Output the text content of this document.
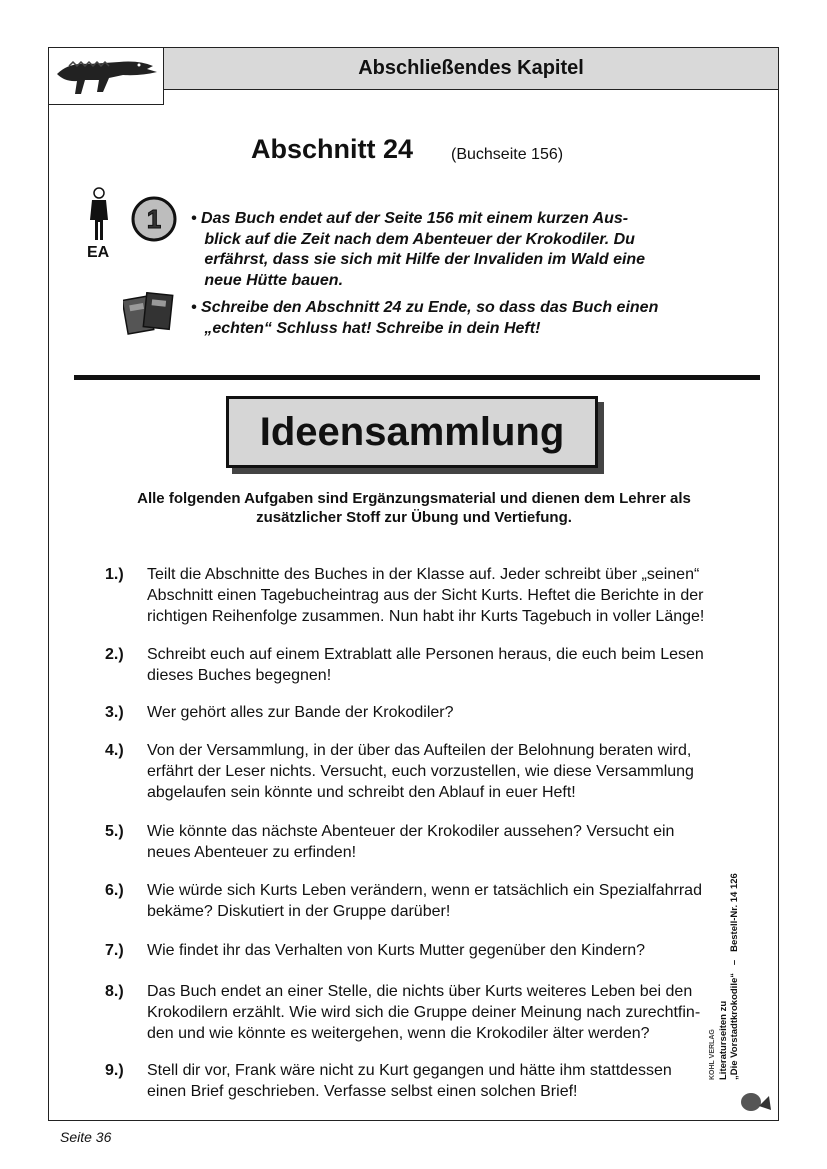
Abschließendes Kapitel
Abschnitt 24 (Buchseite 156)
EA
1 • Das Buch endet auf der Seite 156 mit einem kurzen Aus-
blick auf die Zeit nach dem Abenteuer der Krokodiler. Du
erfährst, dass sie sich mit Hilfe der Invaliden im Wald eine
neue Hütte bauen.
• Schreibe den Abschnitt 24 zu Ende, so dass das Buch einen
„echten“ Schluss hat! Schreibe in dein Heft!
Ideensammlung
Alle folgenden Aufgaben sind Ergänzungsmaterial und dienen dem Lehrer als
zusätzlicher Stoff zur Übung und Vertiefung.
1.)	Teilt die Abschnitte des Buches in der Klasse auf. Jeder schreibt über „seinen“
Abschnitt einen Tagebucheintrag aus der Sicht Kurts. Heftet die Berichte in der
richtigen Reihenfolge zusammen. Nun habt ihr Kurts Tagebuch in voller Länge!
2.)	Schreibt euch auf einem Extrablatt alle Personen heraus, die euch beim Lesen
dieses Buches begegnen!
3.)	Wer gehört alles zur Bande der Krokodiler?
4.)	Von der Versammlung, in der über das Aufteilen der Belohnung beraten wird,
erfährt der Leser nichts. Versucht, euch vorzustellen, wie diese Versammlung
abgelaufen sein könnte und schreibt den Ablauf in euer Heft!
5.)	Wie könnte das nächste Abenteuer der Krokodiler aussehen? Versucht ein
neues Abenteuer zu erfinden!
6.)	Wie würde sich Kurts Leben verändern, wenn er tatsächlich ein Spezialfahrrad
bekäme? Diskutiert in der Gruppe darüber!
7.)	Wie findet ihr das Verhalten von Kurts Mutter gegenüber den Kindern?
8.)	Das Buch endet an einer Stelle, die nichts über Kurts weiteres Leben bei den
Krokodilern erzählt. Wie wird sich die Gruppe deiner Meinung nach zurechtfin-
den und wie könnte es weitergehen, wenn die Krokodiler älter werden?
9.)	Stell dir vor, Frank wäre nicht zu Kurt gegangen und hätte ihm stattdessen
einen Brief geschrieben. Verfasse selbst einen solchen Brief!
KOHL VERLAG Literaturseiten zu
„Die Vorstadtkrokodile“   –   Bestell-Nr. 14 126
Seite 36
